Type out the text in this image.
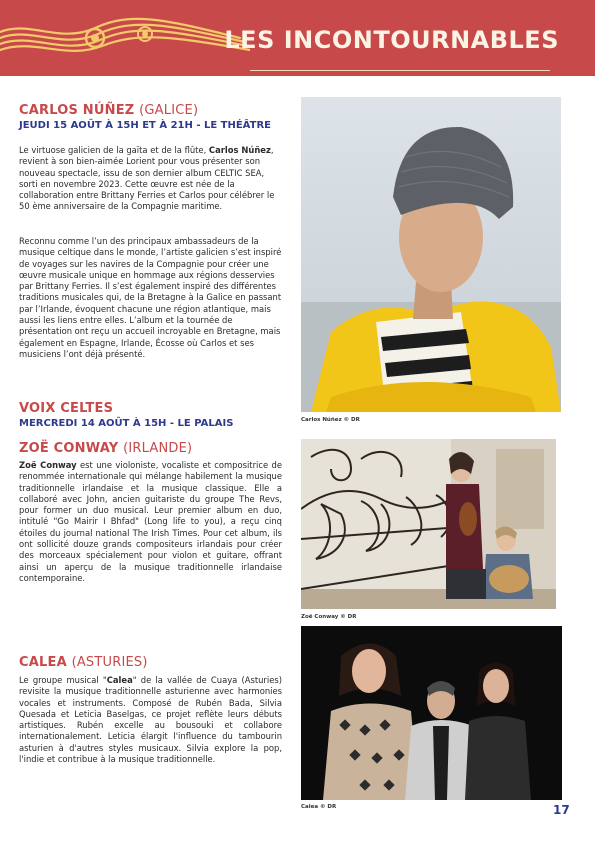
LES INCONTOURNABLES
CARLOS NÚÑEZ (GALICE)
JEUDI 15 AOÛT À 15H ET À 21H - LE THÉÂTRE

Le virtuose galicien de la gaïta et de la flûte, Carlos Núñez, revient à son bien-aimée Lorient pour vous présenter son nouveau spectacle, issu de son dernier album CELTIC SEA, sorti en novembre 2023. Cette œuvre est née de la collaboration entre Brittany Ferries et Carlos pour célébrer le 50 ème anniversaire de la Compagnie maritime.

Reconnu comme l’un des principaux ambassadeurs de la musique celtique dans le monde, l’artiste galicien s’est inspiré de voyages sur les navires de la Compagnie pour créer une œuvre musicale unique en hommage aux régions desservies par Brittany Ferries. Il s’est également inspiré des différentes traditions musicales qui, de la Bretagne à la Galice en passant par l’Irlande, évoquent chacune une région atlantique, mais aussi les liens entre elles. L’album et la tournée de présentation ont reçu un accueil incroyable en Bretagne, mais également en Espagne, Irlande, Écosse où Carlos et ses musiciens l’ont déjà présenté.

Carlos Núñez © DR
VOIX CELTES
MERCREDI 14 AOÛT À 15H - LE PALAIS
ZOË CONWAY (IRLANDE)

Zoë Conway est une violoniste, vocaliste et compositrice de renommée internationale qui mélange habilement la musique traditionnelle irlandaise et la musique classique. Elle a collaboré avec John, ancien guitariste du groupe The Revs, pour former un duo musical. Leur premier album en duo, intitulé "Go Mairir I Bhfad" (Long life to you), a reçu cinq étoiles du journal national The Irish Times. Pour cet album, ils ont sollicité douze grands compositeurs irlandais pour créer des morceaux spécialement pour violon et guitare, offrant ainsi un aperçu de la musique traditionnelle irlandaise contemporaine.

Zoë Conway © DR
CALEA (ASTURIES)

Le groupe musical "Calea" de la vallée de Cuaya (Asturies) revisite la musique traditionnelle asturienne avec harmonies vocales et instruments. Composé de Rubén Bada, Silvia Quesada et Leticia Baselgas, ce projet reflète leurs débuts artistiques. Rubén excelle au bousouki et collabore internationalement. Leticia élargit l'influence du tambourin asturien à d'autres styles musicaux. Silvia explore la pop, l'indie et contribue à la musique traditionnelle.

Calea © DR	17
